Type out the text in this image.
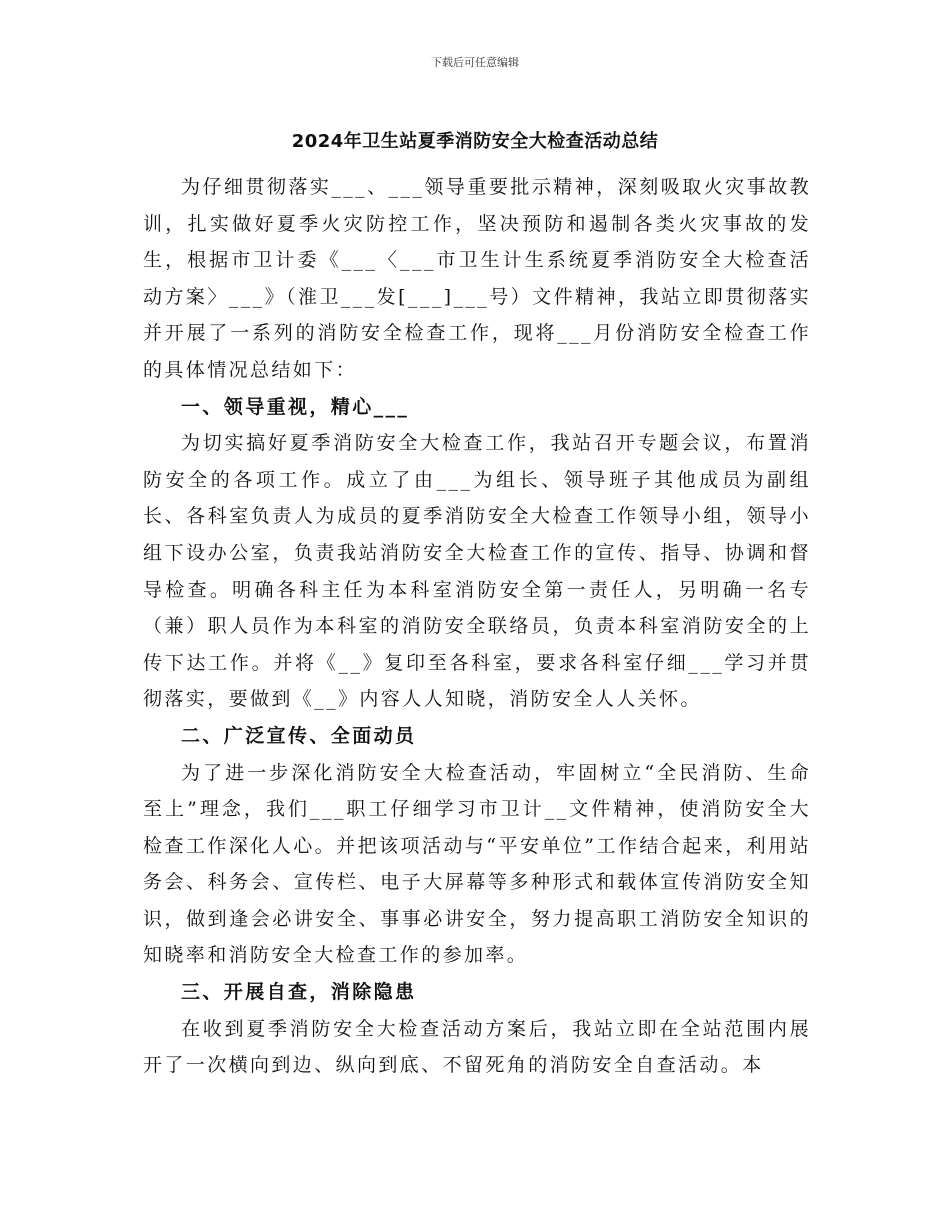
下载后可任意编辑
2024年卫生站夏季消防安全大检查活动总结

为仔细贯彻落实___、___领导重要批示精神，深刻吸取火灾事故教训，扎实做好夏季火灾防控工作，坚决预防和遏制各类火灾事故的发生，根据市卫计委《___〈___市卫生计生系统夏季消防安全大检查活动方案〉___》（淮卫___发[___]___号）文件精神，我站立即贯彻落实并开展了一系列的消防安全检查工作，现将___月份消防安全检查工作的具体情况总结如下：

一、领导重视，精心___

为切实搞好夏季消防安全大检查工作，我站召开专题会议，布置消防安全的各项工作。成立了由___为组长、领导班子其他成员为副组长、各科室负责人为成员的夏季消防安全大检查工作领导小组，领导小组下设办公室，负责我站消防安全大检查工作的宣传、指导、协调和督导检查。明确各科主任为本科室消防安全第一责任人，另明确一名专（兼）职人员作为本科室的消防安全联络员，负责本科室消防安全的上传下达工作。并将《__》复印至各科室，要求各科室仔细___学习并贯彻落实，要做到《__》内容人人知晓，消防安全人人关怀。

二、广泛宣传、全面动员

为了进一步深化消防安全大检查活动，牢固树立“全民消防、生命至上”理念，我们___职工仔细学习市卫计__文件精神，使消防安全大检查工作深化人心。并把该项活动与“平安单位”工作结合起来，利用站务会、科务会、宣传栏、电子大屏幕等多种形式和载体宣传消防安全知识，做到逢会必讲安全、事事必讲安全，努力提高职工消防安全知识的知晓率和消防安全大检查工作的参加率。

三、开展自查，消除隐患

在收到夏季消防安全大检查活动方案后，我站立即在全站范围内展开了一次横向到边、纵向到底、不留死角的消防安全自查活动。本
